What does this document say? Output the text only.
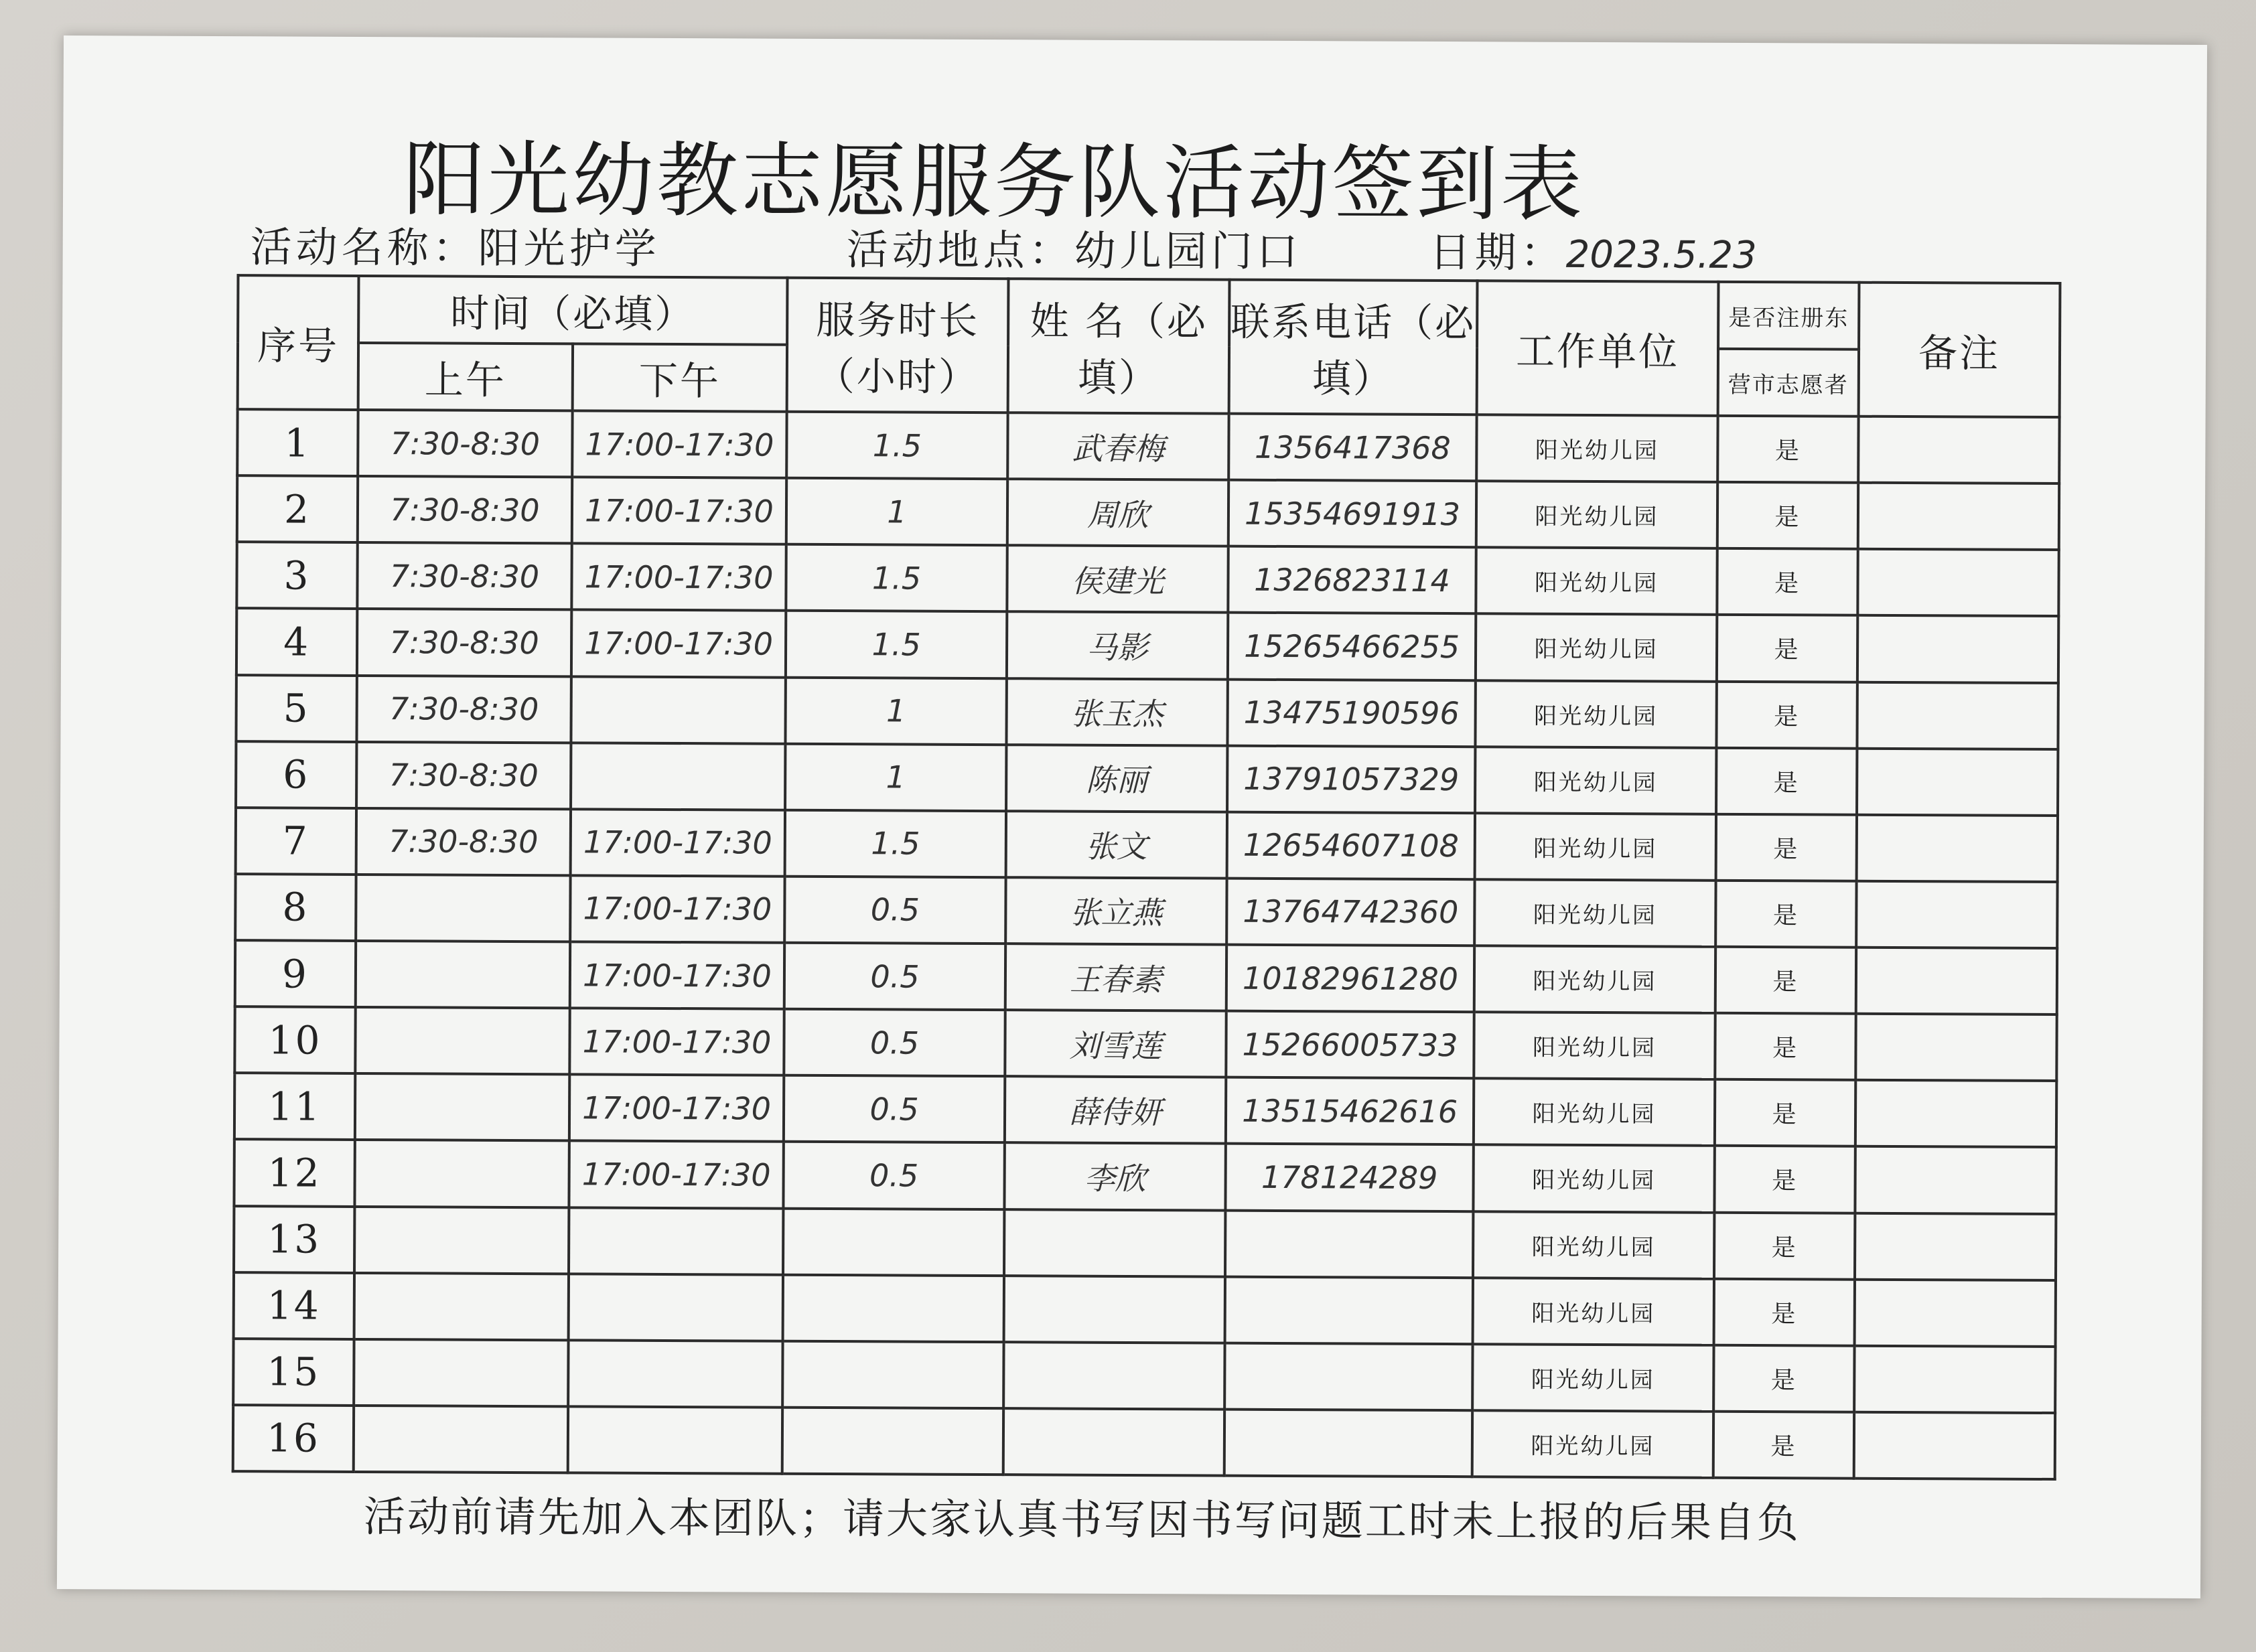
阳光幼教志愿服务队活动签到表
活动名称：阳光护学	活动地点：幼儿园门口	日期：2023.5.23
序号	时间（必填）		服务时长（小时）	姓 名（必填）	联系电话（必填）	工作单位	是否注册东	备注
	上午	下午					营市志愿者	
1	7:30-8:30	17:00-17:30	1.5	武春梅	1356417368	阳光幼儿园	是	
2	7:30-8:30	17:00-17:30	1	周欣	15354691913	阳光幼儿园	是	
3	7:30-8:30	17:00-17:30	1.5	侯建光	1326823114	阳光幼儿园	是	
4	7:30-8:30	17:00-17:30	1.5	马影	15265466255	阳光幼儿园	是	
5	7:30-8:30		1	张玉杰	13475190596	阳光幼儿园	是	
6	7:30-8:30		1	陈丽	13791057329	阳光幼儿园	是	
7	7:30-8:30	17:00-17:30	1.5	张文	12654607108	阳光幼儿园	是	
8		17:00-17:30	0.5	张立燕	13764742360	阳光幼儿园	是	
9		17:00-17:30	0.5	王春素	10182961280	阳光幼儿园	是	
10		17:00-17:30	0.5	刘雪莲	15266005733	阳光幼儿园	是	
11		17:00-17:30	0.5	薛侍妍	13515462616	阳光幼儿园	是	
12		17:00-17:30	0.5	李欣	178124289	阳光幼儿园	是	
13						阳光幼儿园	是	
14						阳光幼儿园	是	
15						阳光幼儿园	是	
16						阳光幼儿园	是	
活动前请先加入本团队；请大家认真书写因书写问题工时未上报的后果自负
